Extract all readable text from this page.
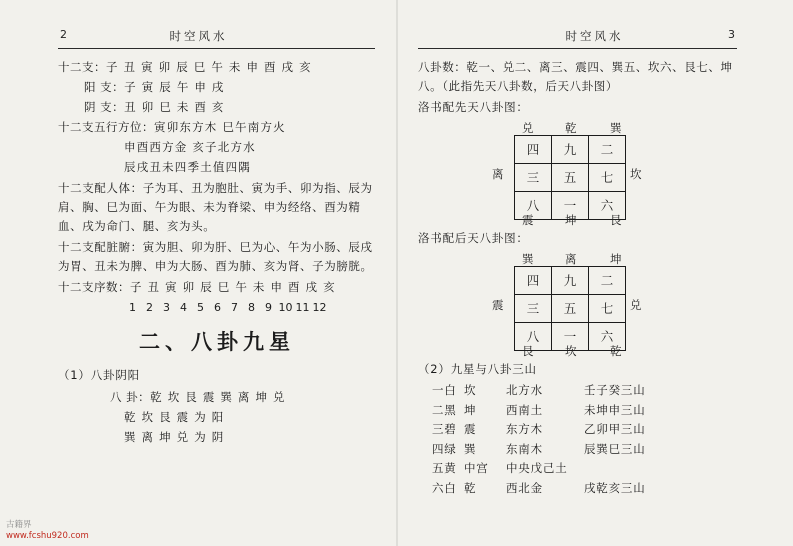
2	时空风水
十二支： 子 丑 寅 卯 辰 巳 午 未 申 酉 戌 亥
阳 支： 子 寅 辰 午 申 戌
阴 支： 丑 卯 巳 未 酉 亥
十二支五行方位： 寅卯东方木 巳午南方火
申酉西方金 亥子北方水
辰戌丑未四季土值四隅
十二支配人体：子为耳、丑为胞肚、寅为手、卯为指、辰为肩、胸、巳为面、午为眼、未为脊梁、申为经络、酉为精血、戌为命门、腿、亥为头。
十二支配脏腑：寅为胆、卯为肝、巳为心、午为小肠、辰戌为胃、丑未为脾、申为大肠、酉为肺、亥为肾、子为膀胱。
十二支序数： 子 丑 寅 卯 辰 巳 午 未 申 酉 戌 亥
1 2 3 4 5 6 7 8 9 10 11 12
二、八卦九星
（1）八卦阴阳
八 卦： 乾 坎 艮 震 巽 离 坤 兑
乾 坎 艮 震 为 阳
巽 离 坤 兑 为 阴
古籍界
www.fcshu920.com
时空风水	3
八卦数：乾一、兑二、离三、震四、巽五、坎六、艮七、坤八。（此指先天八卦数，后天八卦图）
洛书配先天八卦图：
兑	乾	巽
离	坎
震	坤	艮
四	九	二
三	五	七
八	一	六
洛书配后天八卦图：
巽	离	坤
震	兑
艮	坎	乾
四	九	二
三	五	七
八	一	六
（2）九星与八卦三山
一白 坎	北方水	壬子癸三山
二黑 坤	西南土	未坤申三山
三碧 震	东方木	乙卯甲三山
四绿 巽	东南木	辰巽巳三山
五黄 中宫	中央戊己土
六白 乾	西北金	戌乾亥三山
